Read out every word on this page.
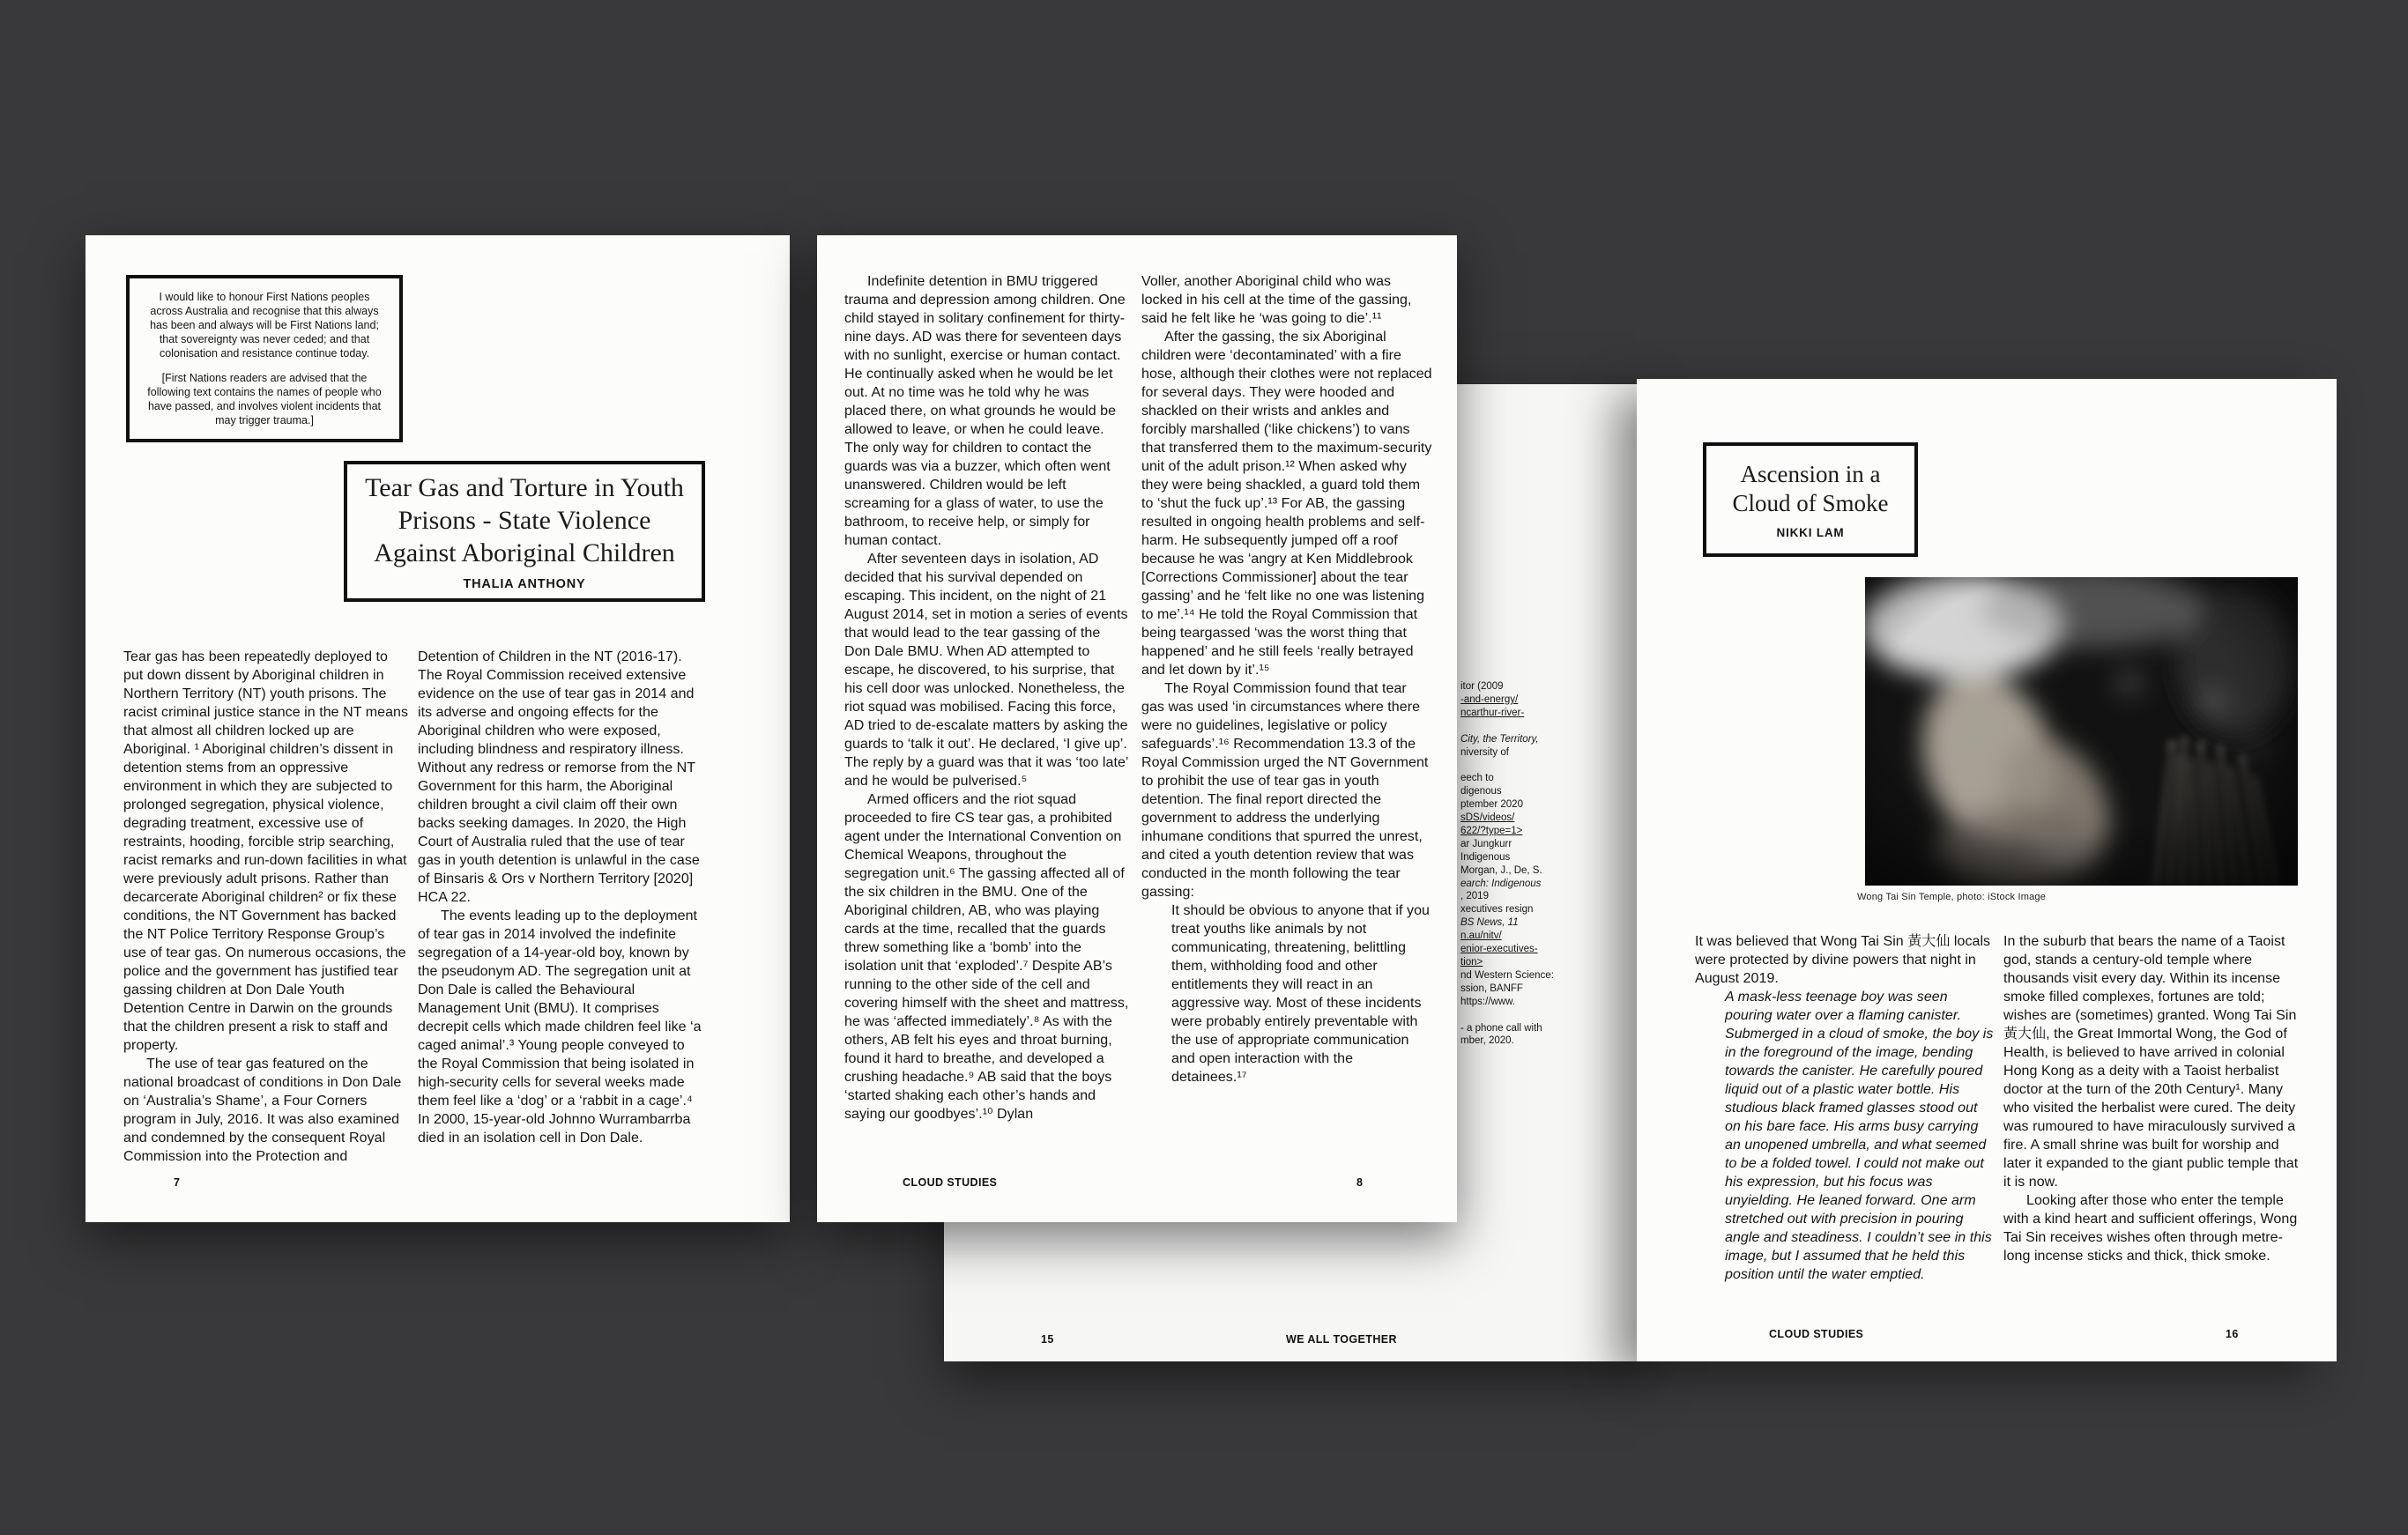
itor (2009
-and-energy/
ncarthur-river-
City, the Territory,
niversity of
eech to
digenous
ptember 2020
sDS/videos/
622/?type=1>
ar Jungkurr
Indigenous
Morgan, J., De, S.
earch: Indigenous
, 2019
xecutives resign
BS News, 11
n.au/nitv/
enior-executives-
tion>
nd Western Science:
ssion, BANFF
https://www.
- a phone call with
mber, 2020.
15	WE ALL TOGETHER

I would like to honour First Nations peoples across Australia and recognise that this always has been and always will be First Nations land; that sovereignty was never ceded; and that colonisation and resistance continue today.

[First Nations readers are advised that the following text contains the names of people who have passed, and involves violent incidents that may trigger trauma.]

Tear Gas and Torture in Youth Prisons - State Violence Against Aboriginal Children
THALIA ANTHONY

Tear gas has been repeatedly deployed to put down dissent by Aboriginal children in Northern Territory (NT) youth prisons. The racist criminal justice stance in the NT means that almost all children locked up are Aboriginal. ¹ Aboriginal children’s dissent in detention stems from an oppressive environment in which they are subjected to prolonged segregation, physical violence, degrading treatment, excessive use of restraints, hooding, forcible strip searching, racist remarks and run-down facilities in what were previously adult prisons. Rather than decarcerate Aboriginal children² or fix these conditions, the NT Government has backed the NT Police Territory Response Group’s use of tear gas. On numerous occasions, the police and the government has justified tear gassing children at Don Dale Youth Detention Centre in Darwin on the grounds that the children present a risk to staff and property.

The use of tear gas featured on the national broadcast of conditions in Don Dale on ‘Australia’s Shame’, a Four Corners program in July, 2016. It was also examined and condemned by the consequent Royal Commission into the Protection and

Detention of Children in the NT (2016-17). The Royal Commission received extensive evidence on the use of tear gas in 2014 and its adverse and ongoing effects for the Aboriginal children who were exposed, including blindness and respiratory illness. Without any redress or remorse from the NT Government for this harm, the Aboriginal children brought a civil claim off their own backs seeking damages. In 2020, the High Court of Australia ruled that the use of tear gas in youth detention is unlawful in the case of Binsaris & Ors v Northern Territory [2020] HCA 22.

The events leading up to the deployment of tear gas in 2014 involved the indefinite segregation of a 14-year-old boy, known by the pseudonym AD. The segregation unit at Don Dale is called the Behavioural Management Unit (BMU). It comprises decrepit cells which made children feel like ‘a caged animal’.³ Young people conveyed to the Royal Commission that being isolated in high-security cells for several weeks made them feel like a ‘dog’ or a ‘rabbit in a cage’.⁴ In 2000, 15-year-old Johnno Wurrambarrba died in an isolation cell in Don Dale.

7

Indefinite detention in BMU triggered trauma and depression among children. One child stayed in solitary confinement for thirty-nine days. AD was there for seventeen days with no sunlight, exercise or human contact. He continually asked when he would be let out. At no time was he told why he was placed there, on what grounds he would be allowed to leave, or when he could leave. The only way for children to contact the guards was via a buzzer, which often went unanswered. Children would be left screaming for a glass of water, to use the bathroom, to receive help, or simply for human contact.

After seventeen days in isolation, AD decided that his survival depended on escaping. This incident, on the night of 21 August 2014, set in motion a series of events that would lead to the tear gassing of the Don Dale BMU. When AD attempted to escape, he discovered, to his surprise, that his cell door was unlocked. Nonetheless, the riot squad was mobilised. Facing this force, AD tried to de-escalate matters by asking the guards to ‘talk it out’. He declared, ‘I give up’. The reply by a guard was that it was ‘too late’ and he would be pulverised.⁵

Armed officers and the riot squad proceeded to fire CS tear gas, a prohibited agent under the International Convention on Chemical Weapons, throughout the segregation unit.⁶ The gassing affected all of the six children in the BMU. One of the Aboriginal children, AB, who was playing cards at the time, recalled that the guards threw something like a ‘bomb’ into the isolation unit that ‘exploded’.⁷ Despite AB’s running to the other side of the cell and covering himself with the sheet and mattress, he was ‘affected immediately’.⁸ As with the others, AB felt his eyes and throat burning, found it hard to breathe, and developed a crushing headache.⁹ AB said that the boys ‘started shaking each other’s hands and saying our goodbyes’.¹⁰ Dylan

Voller, another Aboriginal child who was locked in his cell at the time of the gassing, said he felt like he ‘was going to die’.¹¹

After the gassing, the six Aboriginal children were ‘decontaminated’ with a fire hose, although their clothes were not replaced for several days. They were hooded and shackled on their wrists and ankles and forcibly marshalled (‘like chickens’) to vans that transferred them to the maximum-security unit of the adult prison.¹² When asked why they were being shackled, a guard told them to ‘shut the fuck up’.¹³ For AB, the gassing resulted in ongoing health problems and self-harm. He subsequently jumped off a roof because he was ‘angry at Ken Middlebrook [Corrections Commissioner] about the tear gassing’ and he ‘felt like no one was listening to me’.¹⁴ He told the Royal Commission that being teargassed ‘was the worst thing that happened’ and he still feels ‘really betrayed and let down by it’.¹⁵

The Royal Commission found that tear gas was used ‘in circumstances where there were no guidelines, legislative or policy safeguards’.¹⁶ Recommendation 13.3 of the Royal Commission urged the NT Government to prohibit the use of tear gas in youth detention. The final report directed the government to address the underlying inhumane conditions that spurred the unrest, and cited a youth detention review that was conducted in the month following the tear gassing:

It should be obvious to anyone that if you treat youths like animals by not communicating, threatening, belittling them, withholding food and other entitlements they will react in an aggressive way. Most of these incidents were probably entirely preventable with the use of appropriate communication and open interaction with the detainees.¹⁷

CLOUD STUDIES	8
Ascension in a Cloud of Smoke
NIKKI LAM
Wong Tai Sin Temple, photo: iStock Image

It was believed that Wong Tai Sin 黃大仙 locals were protected by divine powers that night in August 2019.

A mask-less teenage boy was seen pouring water over a flaming canister. Submerged in a cloud of smoke, the boy is in the foreground of the image, bending towards the canister. He carefully poured liquid out of a plastic water bottle. His studious black framed glasses stood out on his bare face. His arms busy carrying an unopened umbrella, and what seemed to be a folded towel. I could not make out his expression, but his focus was unyielding. He leaned forward. One arm stretched out with precision in pouring angle and steadiness. I couldn’t see in this image, but I assumed that he held this position until the water emptied.

In the suburb that bears the name of a Taoist god, stands a century-old temple where thousands visit every day. Within its incense smoke filled complexes, fortunes are told; wishes are (sometimes) granted. Wong Tai Sin 黃大仙, the Great Immortal Wong, the God of Health, is believed to have arrived in colonial Hong Kong as a deity with a Taoist herbalist doctor at the turn of the 20th Century¹. Many who visited the herbalist were cured. The deity was rumoured to have miraculously survived a fire. A small shrine was built for worship and later it expanded to the giant public temple that it is now.

Looking after those who enter the temple with a kind heart and sufficient offerings, Wong Tai Sin receives wishes often through metre-long incense sticks and thick, thick smoke.

CLOUD STUDIES	16
